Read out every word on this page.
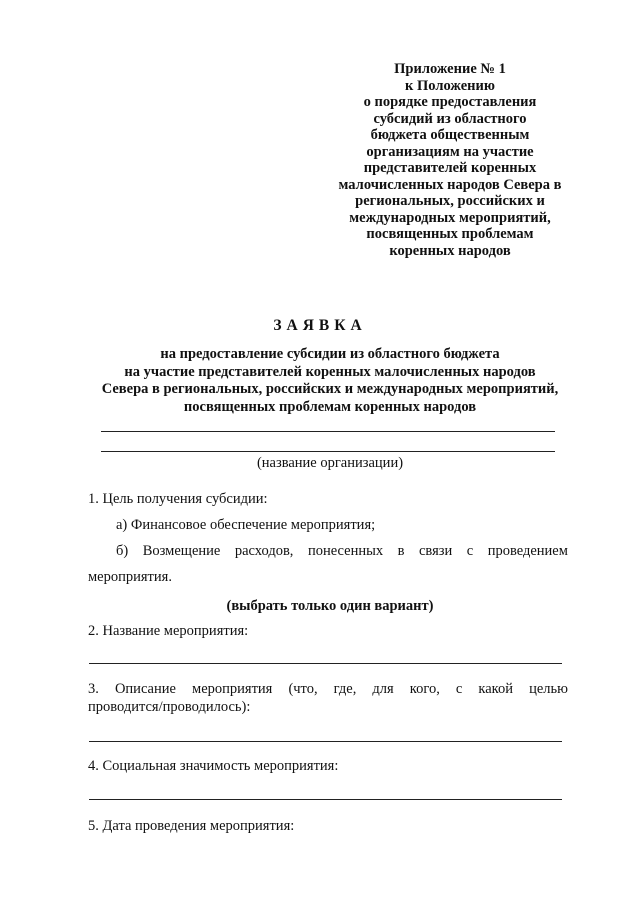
Приложение № 1
к Положению
о порядке предоставления
субсидий из областного
бюджета общественным
организациям на участие
представителей коренных
малочисленных народов Севера в
региональных, российских и
международных мероприятий,
посвященных проблемам
коренных народов
ЗАЯВКА
на предоставление субсидии из областного бюджета
на участие представителей коренных малочисленных народов
Севера в региональных, российских и международных мероприятий,
посвященных проблемам коренных народов
(название организации)
1. Цель получения субсидии:
а) Финансовое обеспечение мероприятия;
б) Возмещение расходов, понесенных в связи с проведением
мероприятия.
(выбрать только один вариант)
2. Название мероприятия:
3. Описание мероприятия (что, где, для кого, с какой целью
проводится/проводилось):
4. Социальная значимость мероприятия:
5. Дата проведения мероприятия:
